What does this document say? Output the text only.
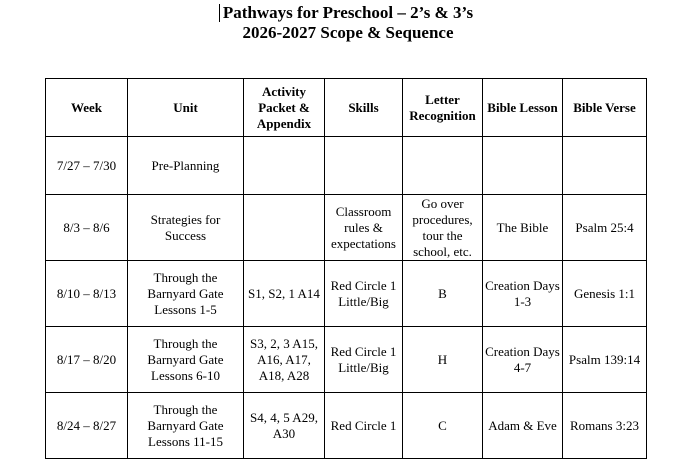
Pathways for Preschool – 2’s & 3’s
2026-2027 Scope & Sequence
Week	Unit	Activity Packet & Appendix	Skills	Letter Recognition	Bible Lesson	Bible Verse
7/27 – 7/30	Pre-Planning					
8/3 – 8/6	Strategies for Success		Classroom rules & expectations	Go over procedures, tour the school, etc.	The Bible	Psalm 25:4
8/10 – 8/13	Through the Barnyard Gate Lessons 1-5	S1, S2, 1 A14	Red Circle 1 Little/Big	B	Creation Days 1-3	Genesis 1:1
8/17 – 8/20	Through the Barnyard Gate Lessons 6-10	S3, 2, 3 A15, A16, A17, A18, A28	Red Circle 1 Little/Big	H	Creation Days 4-7	Psalm 139:14
8/24 – 8/27	Through the Barnyard Gate Lessons 11-15	S4, 4, 5 A29, A30	Red Circle 1	C	Adam & Eve	Romans 3:23
